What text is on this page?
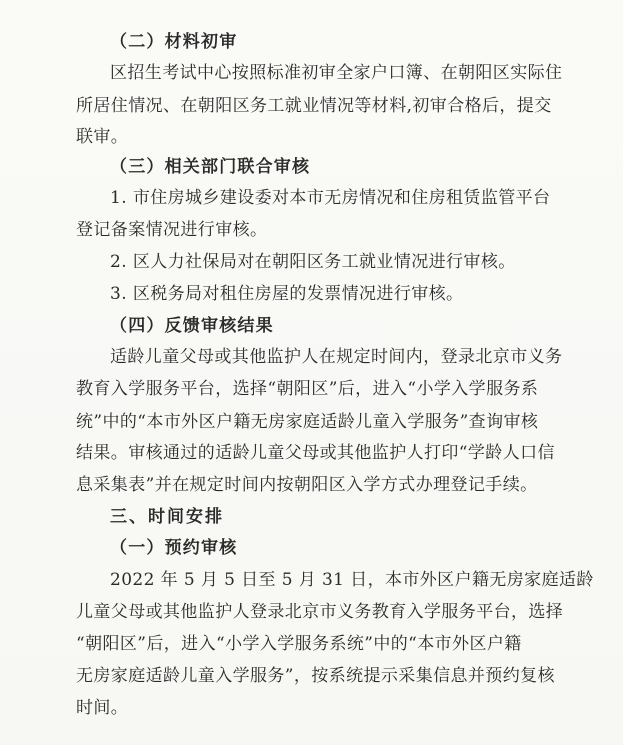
（二）材料初审
区招生考试中心按照标准初审全家户口簿、在朝阳区实际住
所居住情况、在朝阳区务工就业情况等材料,初审合格后，提交
联审。
（三）相关部门联合审核
1. 市住房城乡建设委对本市无房情况和住房租赁监管平台
登记备案情况进行审核。
2. 区人力社保局对在朝阳区务工就业情况进行审核。
3. 区税务局对租住房屋的发票情况进行审核。
（四）反馈审核结果
适龄儿童父母或其他监护人在规定时间内，登录北京市义务
教育入学服务平台，选择“朝阳区”后，进入“小学入学服务系
统”中的“本市外区户籍无房家庭适龄儿童入学服务”查询审核
结果。审核通过的适龄儿童父母或其他监护人打印“学龄人口信
息采集表”并在规定时间内按朝阳区入学方式办理登记手续。
三、时间安排
（一）预约审核
2022 年 5 月 5 日至 5 月 31 日，本市外区户籍无房家庭适龄
儿童父母或其他监护人登录北京市义务教育入学服务平台，选择
“朝阳区”后，进入“小学入学服务系统”中的“本市外区户籍
无房家庭适龄儿童入学服务”，按系统提示采集信息并预约复核
时间。
